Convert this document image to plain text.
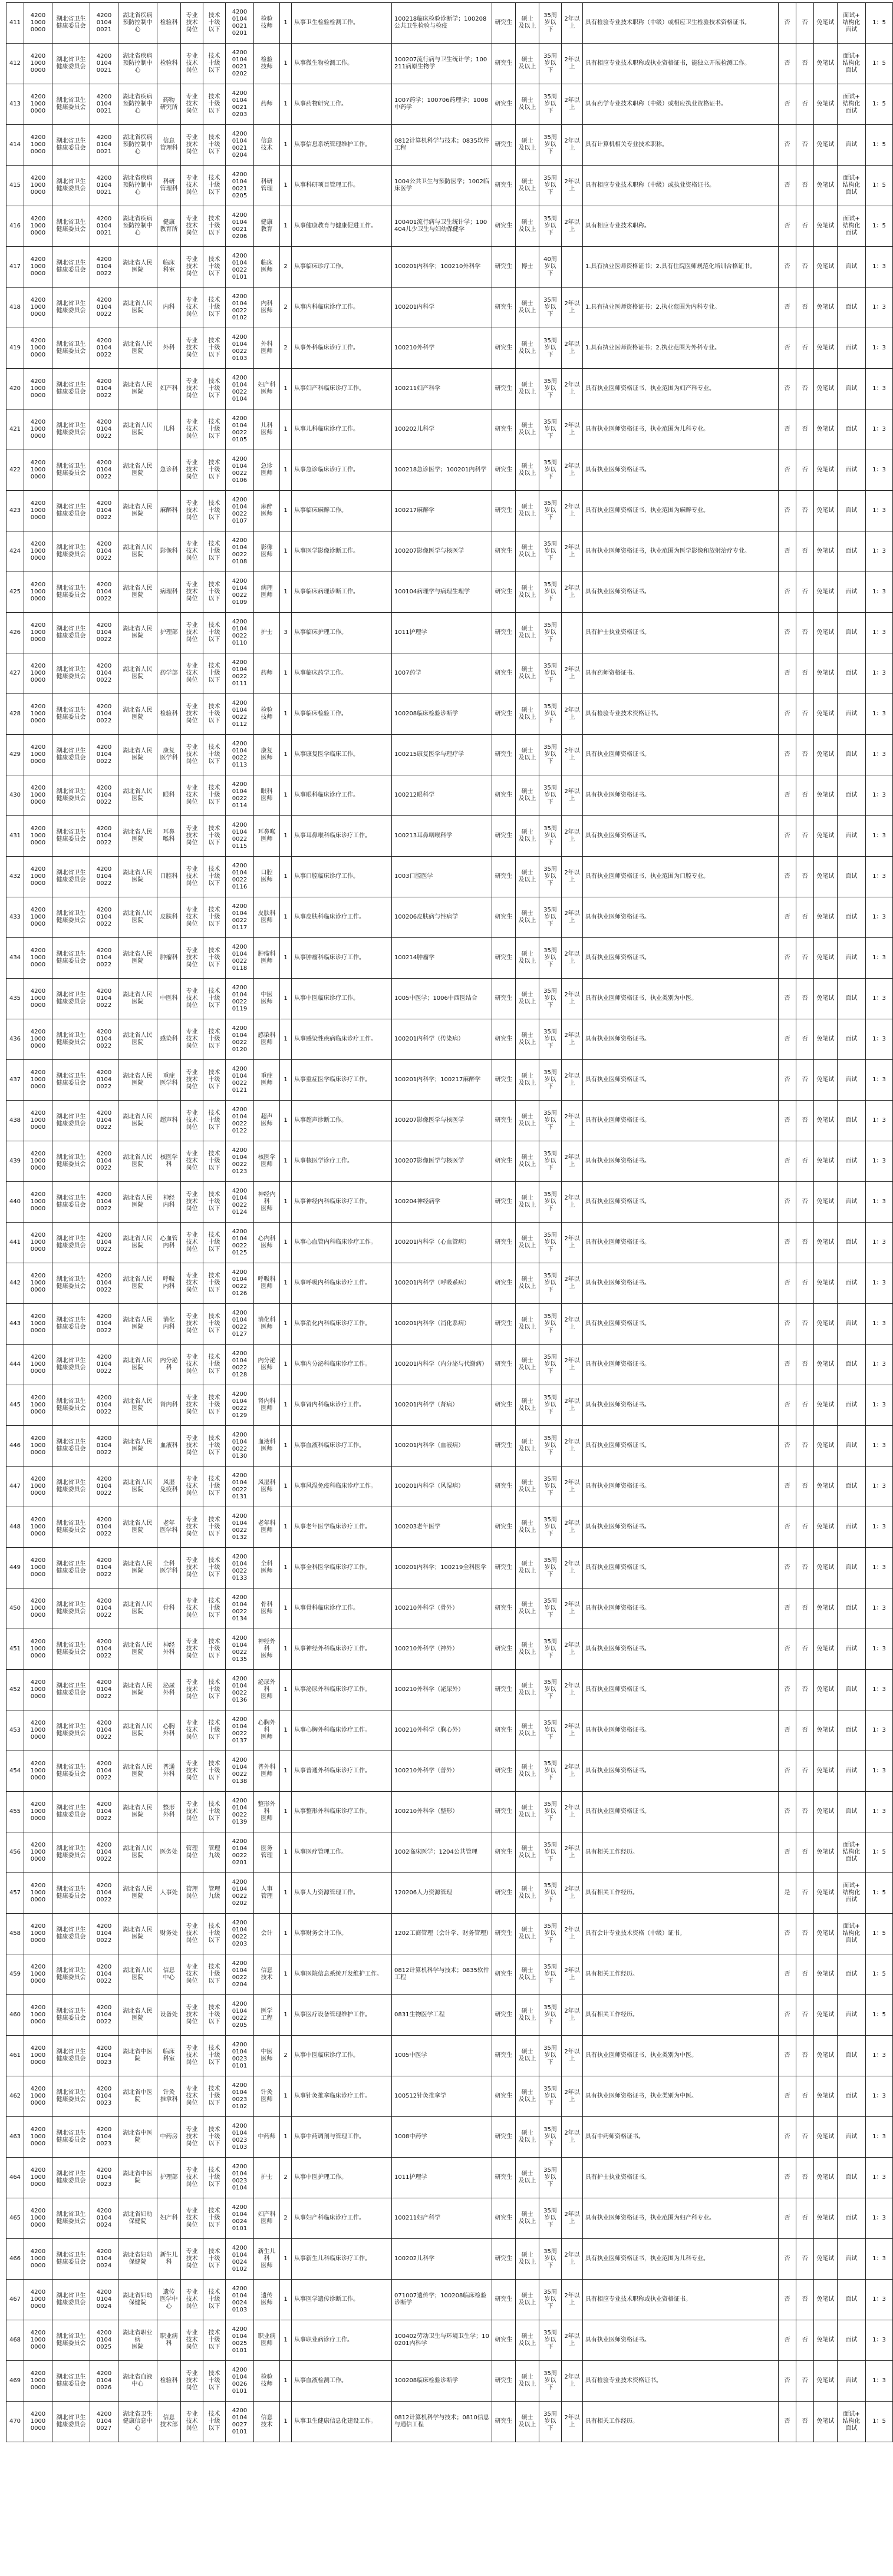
411	4200
1000
0000	湖北省卫生
健康委员会	4200
0104
0021	湖北省疾病
预防控制中心	检验科	专业
技术
岗位	技术
十级
以下	4200
0104
0021
0201	检验
技师	1	从事卫生检验检测工作。	100218临床检验诊断学；100208公共卫生检验与检疫	研究生	硕士
及以上	35周
岁以
下	2年以上	具有检验专业技术职称（中级）或相应卫生检验技术资格证书。	否	否	免笔试	面试+
结构化
面试	1：5
412	4200
1000
0000	湖北省卫生
健康委员会	4200
0104
0021	湖北省疾病
预防控制中心	检验科	专业
技术
岗位	技术
十级
以下	4200
0104
0021
0202	检验
技师	1	从事微生物检测工作。	100207流行病与卫生统计学；100211病原生物学	研究生	硕士
及以上	35周
岁以
下	2年以上	具有相应专业技术职称或执业资格证书，能独立开展检测工作。	否	否	免笔试	面试+
结构化
面试	1：5
413	4200
1000
0000	湖北省卫生
健康委员会	4200
0104
0021	湖北省疾病
预防控制中心	药物
研究所	专业
技术
岗位	技术
十级
以下	4200
0104
0021
0203	药师	1	从事药物研究工作。	1007药学；100706药理学；1008中药学	研究生	硕士
及以上	35周
岁以
下	2年以上	具有药学专业技术职称（中级）或相应执业资格证书。	否	否	免笔试	面试+
结构化
面试	1：5
414	4200
1000
0000	湖北省卫生
健康委员会	4200
0104
0021	湖北省疾病
预防控制中心	信息
管理科	专业
技术
岗位	技术
十级
以下	4200
0104
0021
0204	信息
技术	1	从事信息系统管理维护工作。	0812计算机科学与技术；0835软件工程	研究生	硕士
及以上	35周
岁以
下	2年以上	具有计算机相关专业技术职称。	否	否	免笔试	面试	1：5
415	4200
1000
0000	湖北省卫生
健康委员会	4200
0104
0021	湖北省疾病
预防控制中心	科研
管理科	专业
技术
岗位	技术
十级
以下	4200
0104
0021
0205	科研
管理	1	从事科研项目管理工作。	1004公共卫生与预防医学；1002临床医学	研究生	硕士
及以上	35周
岁以
下	2年以上	具有相应专业技术职称（中级）或执业资格证书。	否	否	免笔试	面试+
结构化
面试	1：5
416	4200
1000
0000	湖北省卫生
健康委员会	4200
0104
0021	湖北省疾病
预防控制中心	健康
教育所	专业
技术
岗位	技术
十级
以下	4200
0104
0021
0206	健康
教育	1	从事健康教育与健康促进工作。	100401流行病与卫生统计学；100404儿少卫生与妇幼保健学	研究生	硕士
及以上	35周
岁以
下	2年以上	具有相应专业技术职称。	否	否	免笔试	面试+
结构化
面试	1：5
417	4200
1000
0000	湖北省卫生
健康委员会	4200
0104
0022	湖北省人民
医院	临床
科室	专业
技术
岗位	技术
十级
以下	4200
0104
0022
0101	临床
医师	2	从事临床诊疗工作。	100201内科学；100210外科学	研究生	博士	40周
岁以
下		1.具有执业医师资格证书；2.具有住院医师规范化培训合格证书。	否	否	免笔试	面试	1：3
418	4200
1000
0000	湖北省卫生
健康委员会	4200
0104
0022	湖北省人民
医院	内科	专业
技术
岗位	技术
十级
以下	4200
0104
0022
0102	内科
医师	2	从事内科临床诊疗工作。	100201内科学	研究生	硕士
及以上	35周
岁以
下	2年以上	1.具有执业医师资格证书；2.执业范围为内科专业。	否	否	免笔试	面试	1：3
419	4200
1000
0000	湖北省卫生
健康委员会	4200
0104
0022	湖北省人民
医院	外科	专业
技术
岗位	技术
十级
以下	4200
0104
0022
0103	外科
医师	2	从事外科临床诊疗工作。	100210外科学	研究生	硕士
及以上	35周
岁以
下	2年以上	1.具有执业医师资格证书；2.执业范围为外科专业。	否	否	免笔试	面试	1：3
420	4200
1000
0000	湖北省卫生
健康委员会	4200
0104
0022	湖北省人民
医院	妇产科	专业
技术
岗位	技术
十级
以下	4200
0104
0022
0104	妇产科
医师	1	从事妇产科临床诊疗工作。	100211妇产科学	研究生	硕士
及以上	35周
岁以
下	2年以上	具有执业医师资格证书，执业范围为妇产科专业。	否	否	免笔试	面试	1：3
421	4200
1000
0000	湖北省卫生
健康委员会	4200
0104
0022	湖北省人民
医院	儿科	专业
技术
岗位	技术
十级
以下	4200
0104
0022
0105	儿科
医师	1	从事儿科临床诊疗工作。	100202儿科学	研究生	硕士
及以上	35周
岁以
下	2年以上	具有执业医师资格证书，执业范围为儿科专业。	否	否	免笔试	面试	1：3
422	4200
1000
0000	湖北省卫生
健康委员会	4200
0104
0022	湖北省人民
医院	急诊科	专业
技术
岗位	技术
十级
以下	4200
0104
0022
0106	急诊
医师	1	从事急诊临床诊疗工作。	100218急诊医学；100201内科学	研究生	硕士
及以上	35周
岁以
下	2年以上	具有执业医师资格证书。	否	否	免笔试	面试	1：3
423	4200
1000
0000	湖北省卫生
健康委员会	4200
0104
0022	湖北省人民
医院	麻醉科	专业
技术
岗位	技术
十级
以下	4200
0104
0022
0107	麻醉
医师	1	从事临床麻醉工作。	100217麻醉学	研究生	硕士
及以上	35周
岁以
下	2年以上	具有执业医师资格证书，执业范围为麻醉专业。	否	否	免笔试	面试	1：3
424	4200
1000
0000	湖北省卫生
健康委员会	4200
0104
0022	湖北省人民
医院	影像科	专业
技术
岗位	技术
十级
以下	4200
0104
0022
0108	影像
医师	1	从事医学影像诊断工作。	100207影像医学与核医学	研究生	硕士
及以上	35周
岁以
下	2年以上	具有执业医师资格证书，执业范围为医学影像和放射治疗专业。	否	否	免笔试	面试	1：3
425	4200
1000
0000	湖北省卫生
健康委员会	4200
0104
0022	湖北省人民
医院	病理科	专业
技术
岗位	技术
十级
以下	4200
0104
0022
0109	病理
医师	1	从事临床病理诊断工作。	100104病理学与病理生理学	研究生	硕士
及以上	35周
岁以
下	2年以上	具有执业医师资格证书。	否	否	免笔试	面试	1：3
426	4200
1000
0000	湖北省卫生
健康委员会	4200
0104
0022	湖北省人民
医院	护理部	专业
技术
岗位	技术
十级
以下	4200
0104
0022
0110	护士	3	从事临床护理工作。	1011护理学	研究生	硕士
及以上	35周
岁以
下		具有护士执业资格证书。	否	否	免笔试	面试	1：3
427	4200
1000
0000	湖北省卫生
健康委员会	4200
0104
0022	湖北省人民
医院	药学部	专业
技术
岗位	技术
十级
以下	4200
0104
0022
0111	药师	1	从事临床药学工作。	1007药学	研究生	硕士
及以上	35周
岁以
下	2年以上	具有药师资格证书。	否	否	免笔试	面试	1：3
428	4200
1000
0000	湖北省卫生
健康委员会	4200
0104
0022	湖北省人民
医院	检验科	专业
技术
岗位	技术
十级
以下	4200
0104
0022
0112	检验
技师	1	从事临床检验工作。	100208临床检验诊断学	研究生	硕士
及以上	35周
岁以
下	2年以上	具有检验专业技术资格证书。	否	否	免笔试	面试	1：3
429	4200
1000
0000	湖北省卫生
健康委员会	4200
0104
0022	湖北省人民
医院	康复
医学科	专业
技术
岗位	技术
十级
以下	4200
0104
0022
0113	康复
医师	1	从事康复医学临床工作。	100215康复医学与理疗学	研究生	硕士
及以上	35周
岁以
下	2年以上	具有执业医师资格证书。	否	否	免笔试	面试	1：3
430	4200
1000
0000	湖北省卫生
健康委员会	4200
0104
0022	湖北省人民
医院	眼科	专业
技术
岗位	技术
十级
以下	4200
0104
0022
0114	眼科
医师	1	从事眼科临床诊疗工作。	100212眼科学	研究生	硕士
及以上	35周
岁以
下	2年以上	具有执业医师资格证书。	否	否	免笔试	面试	1：3
431	4200
1000
0000	湖北省卫生
健康委员会	4200
0104
0022	湖北省人民
医院	耳鼻
喉科	专业
技术
岗位	技术
十级
以下	4200
0104
0022
0115	耳鼻喉
医师	1	从事耳鼻喉科临床诊疗工作。	100213耳鼻咽喉科学	研究生	硕士
及以上	35周
岁以
下	2年以上	具有执业医师资格证书。	否	否	免笔试	面试	1：3
432	4200
1000
0000	湖北省卫生
健康委员会	4200
0104
0022	湖北省人民
医院	口腔科	专业
技术
岗位	技术
十级
以下	4200
0104
0022
0116	口腔
医师	1	从事口腔临床诊疗工作。	1003口腔医学	研究生	硕士
及以上	35周
岁以
下	2年以上	具有执业医师资格证书，执业范围为口腔专业。	否	否	免笔试	面试	1：3
433	4200
1000
0000	湖北省卫生
健康委员会	4200
0104
0022	湖北省人民
医院	皮肤科	专业
技术
岗位	技术
十级
以下	4200
0104
0022
0117	皮肤科
医师	1	从事皮肤科临床诊疗工作。	100206皮肤病与性病学	研究生	硕士
及以上	35周
岁以
下	2年以上	具有执业医师资格证书。	否	否	免笔试	面试	1：3
434	4200
1000
0000	湖北省卫生
健康委员会	4200
0104
0022	湖北省人民
医院	肿瘤科	专业
技术
岗位	技术
十级
以下	4200
0104
0022
0118	肿瘤科
医师	1	从事肿瘤科临床诊疗工作。	100214肿瘤学	研究生	硕士
及以上	35周
岁以
下	2年以上	具有执业医师资格证书。	否	否	免笔试	面试	1：3
435	4200
1000
0000	湖北省卫生
健康委员会	4200
0104
0022	湖北省人民
医院	中医科	专业
技术
岗位	技术
十级
以下	4200
0104
0022
0119	中医
医师	1	从事中医临床诊疗工作。	1005中医学；1006中西医结合	研究生	硕士
及以上	35周
岁以
下	2年以上	具有执业医师资格证书，执业类别为中医。	否	否	免笔试	面试	1：3
436	4200
1000
0000	湖北省卫生
健康委员会	4200
0104
0022	湖北省人民
医院	感染科	专业
技术
岗位	技术
十级
以下	4200
0104
0022
0120	感染科
医师	1	从事感染性疾病临床诊疗工作。	100201内科学（传染病）	研究生	硕士
及以上	35周
岁以
下	2年以上	具有执业医师资格证书。	否	否	免笔试	面试	1：3
437	4200
1000
0000	湖北省卫生
健康委员会	4200
0104
0022	湖北省人民
医院	重症
医学科	专业
技术
岗位	技术
十级
以下	4200
0104
0022
0121	重症
医师	1	从事重症医学临床诊疗工作。	100201内科学；100217麻醉学	研究生	硕士
及以上	35周
岁以
下	2年以上	具有执业医师资格证书。	否	否	免笔试	面试	1：3
438	4200
1000
0000	湖北省卫生
健康委员会	4200
0104
0022	湖北省人民
医院	超声科	专业
技术
岗位	技术
十级
以下	4200
0104
0022
0122	超声
医师	1	从事超声诊断工作。	100207影像医学与核医学	研究生	硕士
及以上	35周
岁以
下	2年以上	具有执业医师资格证书。	否	否	免笔试	面试	1：3
439	4200
1000
0000	湖北省卫生
健康委员会	4200
0104
0022	湖北省人民
医院	核医学科	专业
技术
岗位	技术
十级
以下	4200
0104
0022
0123	核医学
医师	1	从事核医学诊疗工作。	100207影像医学与核医学	研究生	硕士
及以上	35周
岁以
下	2年以上	具有执业医师资格证书。	否	否	免笔试	面试	1：3
440	4200
1000
0000	湖北省卫生
健康委员会	4200
0104
0022	湖北省人民
医院	神经
内科	专业
技术
岗位	技术
十级
以下	4200
0104
0022
0124	神经内科
医师	1	从事神经内科临床诊疗工作。	100204神经病学	研究生	硕士
及以上	35周
岁以
下	2年以上	具有执业医师资格证书。	否	否	免笔试	面试	1：3
441	4200
1000
0000	湖北省卫生
健康委员会	4200
0104
0022	湖北省人民
医院	心血管
内科	专业
技术
岗位	技术
十级
以下	4200
0104
0022
0125	心内科
医师	1	从事心血管内科临床诊疗工作。	100201内科学（心血管病）	研究生	硕士
及以上	35周
岁以
下	2年以上	具有执业医师资格证书。	否	否	免笔试	面试	1：3
442	4200
1000
0000	湖北省卫生
健康委员会	4200
0104
0022	湖北省人民
医院	呼吸
内科	专业
技术
岗位	技术
十级
以下	4200
0104
0022
0126	呼吸科
医师	1	从事呼吸内科临床诊疗工作。	100201内科学（呼吸系病）	研究生	硕士
及以上	35周
岁以
下	2年以上	具有执业医师资格证书。	否	否	免笔试	面试	1：3
443	4200
1000
0000	湖北省卫生
健康委员会	4200
0104
0022	湖北省人民
医院	消化
内科	专业
技术
岗位	技术
十级
以下	4200
0104
0022
0127	消化科
医师	1	从事消化内科临床诊疗工作。	100201内科学（消化系病）	研究生	硕士
及以上	35周
岁以
下	2年以上	具有执业医师资格证书。	否	否	免笔试	面试	1：3
444	4200
1000
0000	湖北省卫生
健康委员会	4200
0104
0022	湖北省人民
医院	内分泌科	专业
技术
岗位	技术
十级
以下	4200
0104
0022
0128	内分泌
医师	1	从事内分泌科临床诊疗工作。	100201内科学（内分泌与代谢病）	研究生	硕士
及以上	35周
岁以
下	2年以上	具有执业医师资格证书。	否	否	免笔试	面试	1：3
445	4200
1000
0000	湖北省卫生
健康委员会	4200
0104
0022	湖北省人民
医院	肾内科	专业
技术
岗位	技术
十级
以下	4200
0104
0022
0129	肾内科
医师	1	从事肾内科临床诊疗工作。	100201内科学（肾病）	研究生	硕士
及以上	35周
岁以
下	2年以上	具有执业医师资格证书。	否	否	免笔试	面试	1：3
446	4200
1000
0000	湖北省卫生
健康委员会	4200
0104
0022	湖北省人民
医院	血液科	专业
技术
岗位	技术
十级
以下	4200
0104
0022
0130	血液科
医师	1	从事血液科临床诊疗工作。	100201内科学（血液病）	研究生	硕士
及以上	35周
岁以
下	2年以上	具有执业医师资格证书。	否	否	免笔试	面试	1：3
447	4200
1000
0000	湖北省卫生
健康委员会	4200
0104
0022	湖北省人民
医院	风湿
免疫科	专业
技术
岗位	技术
十级
以下	4200
0104
0022
0131	风湿科
医师	1	从事风湿免疫科临床诊疗工作。	100201内科学（风湿病）	研究生	硕士
及以上	35周
岁以
下	2年以上	具有执业医师资格证书。	否	否	免笔试	面试	1：3
448	4200
1000
0000	湖北省卫生
健康委员会	4200
0104
0022	湖北省人民
医院	老年
医学科	专业
技术
岗位	技术
十级
以下	4200
0104
0022
0132	老年科
医师	1	从事老年医学临床诊疗工作。	100203老年医学	研究生	硕士
及以上	35周
岁以
下	2年以上	具有执业医师资格证书。	否	否	免笔试	面试	1：3
449	4200
1000
0000	湖北省卫生
健康委员会	4200
0104
0022	湖北省人民
医院	全科
医学科	专业
技术
岗位	技术
十级
以下	4200
0104
0022
0133	全科
医师	1	从事全科医学临床诊疗工作。	100201内科学；100219全科医学	研究生	硕士
及以上	35周
岁以
下	2年以上	具有执业医师资格证书。	否	否	免笔试	面试	1：3
450	4200
1000
0000	湖北省卫生
健康委员会	4200
0104
0022	湖北省人民
医院	骨科	专业
技术
岗位	技术
十级
以下	4200
0104
0022
0134	骨科
医师	1	从事骨科临床诊疗工作。	100210外科学（骨外）	研究生	硕士
及以上	35周
岁以
下	2年以上	具有执业医师资格证书。	否	否	免笔试	面试	1：3
451	4200
1000
0000	湖北省卫生
健康委员会	4200
0104
0022	湖北省人民
医院	神经
外科	专业
技术
岗位	技术
十级
以下	4200
0104
0022
0135	神经外科
医师	1	从事神经外科临床诊疗工作。	100210外科学（神外）	研究生	硕士
及以上	35周
岁以
下	2年以上	具有执业医师资格证书。	否	否	免笔试	面试	1：3
452	4200
1000
0000	湖北省卫生
健康委员会	4200
0104
0022	湖北省人民
医院	泌尿
外科	专业
技术
岗位	技术
十级
以下	4200
0104
0022
0136	泌尿外科
医师	1	从事泌尿外科临床诊疗工作。	100210外科学（泌尿外）	研究生	硕士
及以上	35周
岁以
下	2年以上	具有执业医师资格证书。	否	否	免笔试	面试	1：3
453	4200
1000
0000	湖北省卫生
健康委员会	4200
0104
0022	湖北省人民
医院	心胸
外科	专业
技术
岗位	技术
十级
以下	4200
0104
0022
0137	心胸外科
医师	1	从事心胸外科临床诊疗工作。	100210外科学（胸心外）	研究生	硕士
及以上	35周
岁以
下	2年以上	具有执业医师资格证书。	否	否	免笔试	面试	1：3
454	4200
1000
0000	湖北省卫生
健康委员会	4200
0104
0022	湖北省人民
医院	普通
外科	专业
技术
岗位	技术
十级
以下	4200
0104
0022
0138	普外科
医师	1	从事普通外科临床诊疗工作。	100210外科学（普外）	研究生	硕士
及以上	35周
岁以
下	2年以上	具有执业医师资格证书。	否	否	免笔试	面试	1：3
455	4200
1000
0000	湖北省卫生
健康委员会	4200
0104
0022	湖北省人民
医院	整形
外科	专业
技术
岗位	技术
十级
以下	4200
0104
0022
0139	整形外科
医师	1	从事整形外科临床诊疗工作。	100210外科学（整形）	研究生	硕士
及以上	35周
岁以
下	2年以上	具有执业医师资格证书。	否	否	免笔试	面试	1：3
456	4200
1000
0000	湖北省卫生
健康委员会	4200
0104
0022	湖北省人民
医院	医务处	管理
岗位	管理
九级	4200
0104
0022
0201	医务
管理	1	从事医疗管理工作。	1002临床医学；1204公共管理	研究生	硕士
及以上	35周
岁以
下	2年以上	具有相关工作经历。	否	否	免笔试	面试+
结构化
面试	1：5
457	4200
1000
0000	湖北省卫生
健康委员会	4200
0104
0022	湖北省人民
医院	人事处	管理
岗位	管理
九级	4200
0104
0022
0202	人事
管理	1	从事人力资源管理工作。	120206人力资源管理	研究生	硕士
及以上	35周
岁以
下	2年以上	具有相关工作经历。	是	否	免笔试	面试+
结构化
面试	1：5
458	4200
1000
0000	湖北省卫生
健康委员会	4200
0104
0022	湖北省人民
医院	财务处	专业
技术
岗位	技术
十级
以下	4200
0104
0022
0203	会计	1	从事财务会计工作。	1202工商管理（会计学、财务管理）	研究生	硕士
及以上	35周
岁以
下	2年以上	具有会计专业技术资格（中级）证书。	否	否	免笔试	面试+
结构化
面试	1：5
459	4200
1000
0000	湖北省卫生
健康委员会	4200
0104
0022	湖北省人民
医院	信息
中心	专业
技术
岗位	技术
十级
以下	4200
0104
0022
0204	信息
技术	1	从事医院信息系统开发维护工作。	0812计算机科学与技术；0835软件工程	研究生	硕士
及以上	35周
岁以
下	2年以上	具有相关工作经历。	否	否	免笔试	面试	1：5
460	4200
1000
0000	湖北省卫生
健康委员会	4200
0104
0022	湖北省人民
医院	设备处	专业
技术
岗位	技术
十级
以下	4200
0104
0022
0205	医学
工程	1	从事医疗设备管理维护工作。	0831生物医学工程	研究生	硕士
及以上	35周
岁以
下	2年以上	具有相关工作经历。	否	否	免笔试	面试	1：5
461	4200
1000
0000	湖北省卫生
健康委员会	4200
0104
0023	湖北省中医院	临床
科室	专业
技术
岗位	技术
十级
以下	4200
0104
0023
0101	中医
医师	2	从事中医临床诊疗工作。	1005中医学	研究生	硕士
及以上	35周
岁以
下	2年以上	具有执业医师资格证书，执业类别为中医。	否	否	免笔试	面试	1：3
462	4200
1000
0000	湖北省卫生
健康委员会	4200
0104
0023	湖北省中医院	针灸
推拿科	专业
技术
岗位	技术
十级
以下	4200
0104
0023
0102	针灸
医师	1	从事针灸推拿临床诊疗工作。	100512针灸推拿学	研究生	硕士
及以上	35周
岁以
下	2年以上	具有执业医师资格证书，执业类别为中医。	否	否	免笔试	面试	1：3
463	4200
1000
0000	湖北省卫生
健康委员会	4200
0104
0023	湖北省中医院	中药房	专业
技术
岗位	技术
十级
以下	4200
0104
0023
0103	中药师	1	从事中药调剂与管理工作。	1008中药学	研究生	硕士
及以上	35周
岁以
下	2年以上	具有中药师资格证书。	否	否	免笔试	面试	1：3
464	4200
1000
0000	湖北省卫生
健康委员会	4200
0104
0023	湖北省中医院	护理部	专业
技术
岗位	技术
十级
以下	4200
0104
0023
0104	护士	2	从事中医护理工作。	1011护理学	研究生	硕士
及以上	35周
岁以
下		具有护士执业资格证书。	否	否	免笔试	面试	1：3
465	4200
1000
0000	湖北省卫生
健康委员会	4200
0104
0024	湖北省妇幼
保健院	妇产科	专业
技术
岗位	技术
十级
以下	4200
0104
0024
0101	妇产科
医师	2	从事妇产科临床诊疗工作。	100211妇产科学	研究生	硕士
及以上	35周
岁以
下	2年以上	具有执业医师资格证书，执业范围为妇产科专业。	否	否	免笔试	面试	1：3
466	4200
1000
0000	湖北省卫生
健康委员会	4200
0104
0024	湖北省妇幼
保健院	新生儿科	专业
技术
岗位	技术
十级
以下	4200
0104
0024
0102	新生儿科
医师	1	从事新生儿科临床诊疗工作。	100202儿科学	研究生	硕士
及以上	35周
岁以
下	2年以上	具有执业医师资格证书，执业范围为儿科专业。	否	否	免笔试	面试	1：3
467	4200
1000
0000	湖北省卫生
健康委员会	4200
0104
0024	湖北省妇幼
保健院	遗传
医学中心	专业
技术
岗位	技术
十级
以下	4200
0104
0024
0103	遗传
医师	1	从事医学遗传诊断工作。	071007遗传学；100208临床检验诊断学	研究生	硕士
及以上	35周
岁以
下	2年以上	具有相应专业技术职称或执业资格证书。	否	否	免笔试	面试	1：3
468	4200
1000
0000	湖北省卫生
健康委员会	4200
0104
0025	湖北省职业病
医院	职业病科	专业
技术
岗位	技术
十级
以下	4200
0104
0025
0101	职业病
医师	1	从事职业病诊疗工作。	100402劳动卫生与环境卫生学；100201内科学	研究生	硕士
及以上	35周
岁以
下	2年以上	具有执业医师资格证书。	否	否	免笔试	面试	1：3
469	4200
1000
0000	湖北省卫生
健康委员会	4200
0104
0026	湖北省血液
中心	检验科	专业
技术
岗位	技术
十级
以下	4200
0104
0026
0101	检验
技师	1	从事血液检测工作。	100208临床检验诊断学	研究生	硕士
及以上	35周
岁以
下	2年以上	具有检验专业技术资格证书。	否	否	免笔试	面试	1：3
470	4200
1000
0000	湖北省卫生
健康委员会	4200
0104
0027	湖北省卫生
健康信息中心	信息
技术部	专业
技术
岗位	技术
十级
以下	4200
0104
0027
0101	信息
技术	1	从事卫生健康信息化建设工作。	0812计算机科学与技术；0810信息与通信工程	研究生	硕士
及以上	35周
岁以
下	2年以上	具有相关工作经历。	否	否	免笔试	面试+
结构化
面试	1：5
